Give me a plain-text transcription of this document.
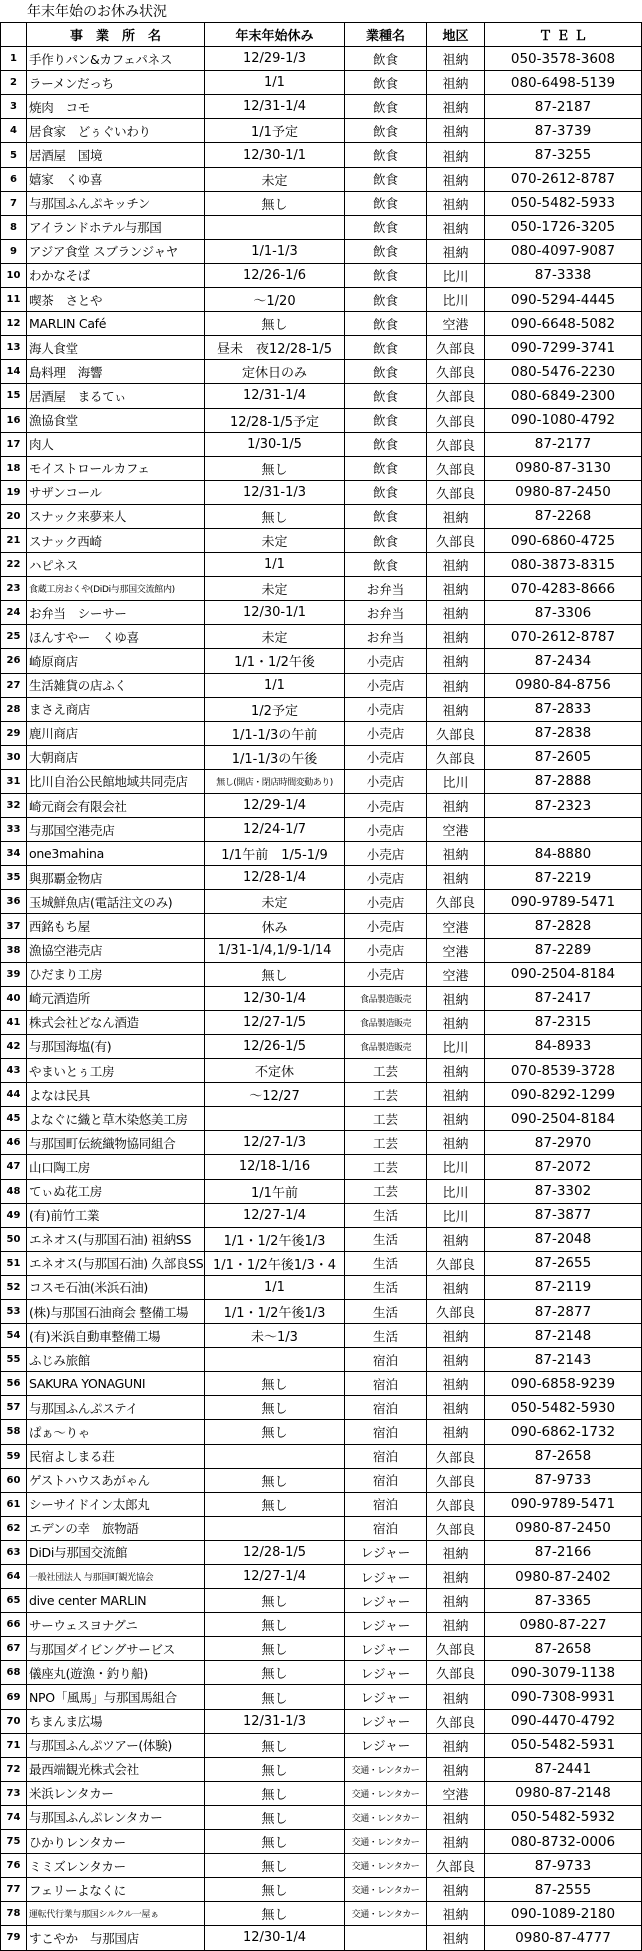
年末年始のお休み状況
	事　業　所　名	年末年始休み	業種名	地区	Ｔ Ｅ Ｌ
1	手作りパン&カフェパネス	12/29-1/3	飲食	祖納	050-3578-3608
2	ラーメンだっち	1/1	飲食	祖納	080-6498-5139
3	焼肉　コモ	12/31-1/4	飲食	祖納	87-2187
4	居食家　どぅぐいわり	1/1予定	飲食	祖納	87-3739
5	居酒屋　国境	12/30-1/1	飲食	祖納	87-3255
6	嬉家　くゆ喜	未定	飲食	祖納	070-2612-8787
7	与那国ふんぷキッチン	無し	飲食	祖納	050-5482-5933
8	アイランドホテル与那国		飲食	祖納	050-1726-3205
9	アジア食堂 スブランジャヤ	1/1-1/3	飲食	祖納	080-4097-9087
10	わかなそば	12/26-1/6	飲食	比川	87-3338
11	喫茶　さとや	～1/20	飲食	比川	090-5294-4445
12	MARLIN Café	無し	飲食	空港	090-6648-5082
13	海人食堂	昼未　夜12/28-1/5	飲食	久部良	090-7299-3741
14	島料理　海響	定休日のみ	飲食	久部良	080-5476-2230
15	居酒屋　まるてぃ	12/31-1/4	飲食	久部良	080-6849-2300
16	漁協食堂	12/28-1/5予定	飲食	久部良	090-1080-4792
17	肉人	1/30-1/5	飲食	久部良	87-2177
18	モイストロールカフェ	無し	飲食	久部良	0980-87-3130
19	サザンコール	12/31-1/3	飲食	久部良	0980-87-2450
20	スナック来夢来人	無し	飲食	祖納	87-2268
21	スナック西崎	未定	飲食	久部良	090-6860-4725
22	ハピネス	1/1	飲食	祖納	080-3873-8315
23	食蔵工房おくや(DiDi与那国交流館内)	未定	お弁当	祖納	070-4283-8666
24	お弁当　シーサー	12/30-1/1	お弁当	祖納	87-3306
25	ほんすやー　くゆ喜	未定	お弁当	祖納	070-2612-8787
26	崎原商店	1/1・1/2午後	小売店	祖納	87-2434
27	生活雑貨の店ふく	1/1	小売店	祖納	0980-84-8756
28	まさえ商店	1/2予定	小売店	祖納	87-2833
29	鹿川商店	1/1-1/3の午前	小売店	久部良	87-2838
30	大朝商店	1/1-1/3の午後	小売店	久部良	87-2605
31	比川自治公民館地域共同売店	無し(開店・閉店時間変動あり)	小売店	比川	87-2888
32	崎元商会有限会社	12/29-1/4	小売店	祖納	87-2323
33	与那国空港売店	12/24-1/7	小売店	空港	
34	one3mahina	1/1午前　1/5-1/9	小売店	祖納	84-8880
35	與那覇金物店	12/28-1/4	小売店	祖納	87-2219
36	玉城鮮魚店(電話注文のみ)	未定	小売店	久部良	090-9789-5471
37	西銘もち屋	休み	小売店	空港	87-2828
38	漁協空港売店	1/31-1/4,1/9-1/14	小売店	空港	87-2289
39	ひだまり工房	無し	小売店	空港	090-2504-8184
40	崎元酒造所	12/30-1/4	食品製造販売	祖納	87-2417
41	株式会社どなん酒造	12/27-1/5	食品製造販売	祖納	87-2315
42	与那国海塩(有)	12/26-1/5	食品製造販売	比川	84-8933
43	やまいとぅ工房	不定休	工芸	祖納	070-8539-3728
44	よなは民具	～12/27	工芸	祖納	090-8292-1299
45	よなぐに織と草木染悠美工房		工芸	祖納	090-2504-8184
46	与那国町伝統織物協同組合	12/27-1/3	工芸	祖納	87-2970
47	山口陶工房	12/18-1/16	工芸	比川	87-2072
48	てぃぬ花工房	1/1午前	工芸	比川	87-3302
49	(有)前竹工業	12/27-1/4	生活	比川	87-3877
50	エネオス(与那国石油) 祖納SS	1/1・1/2午後1/3	生活	祖納	87-2048
51	エネオス(与那国石油) 久部良SS	1/1・1/2午後1/3・4	生活	久部良	87-2655
52	コスモ石油(米浜石油)	1/1	生活	祖納	87-2119
53	(株)与那国石油商会 整備工場	1/1・1/2午後1/3	生活	久部良	87-2877
54	(有)米浜自動車整備工場	未～1/3	生活	祖納	87-2148
55	ふじみ旅館		宿泊	祖納	87-2143
56	SAKURA YONAGUNI	無し	宿泊	祖納	090-6858-9239
57	与那国ふんぷステイ	無し	宿泊	祖納	050-5482-5930
58	ぱぁ～りゃ	無し	宿泊	祖納	090-6862-1732
59	民宿よしまる荘		宿泊	久部良	87-2658
60	ゲストハウスあがゃん	無し	宿泊	久部良	87-9733
61	シーサイドイン太郎丸	無し	宿泊	久部良	090-9789-5471
62	エデンの幸　旅物語		宿泊	久部良	0980-87-2450
63	DiDi与那国交流館	12/28-1/5	レジャー	祖納	87-2166
64	一般社団法人 与那国町観光協会	12/27-1/4	レジャー	祖納	0980-87-2402
65	dive center MARLIN	無し	レジャー	祖納	87-3365
66	サーウェスヨナグニ	無し	レジャー	祖納	0980-87-227
67	与那国ダイビングサービス	無し	レジャー	久部良	87-2658
68	儀座丸(遊漁・釣り船)	無し	レジャー	久部良	090-3079-1138
69	NPO「風馬」与那国馬組合	無し	レジャー	祖納	090-7308-9931
70	ちまんま広場	12/31-1/3	レジャー	久部良	090-4470-4792
71	与那国ふんぷツアー(体験)	無し	レジャー	祖納	050-5482-5931
72	最西端観光株式会社	無し	交通・レンタカー	祖納	87-2441
73	米浜レンタカー	無し	交通・レンタカー	空港	0980-87-2148
74	与那国ふんぷレンタカー	無し	交通・レンタカー	祖納	050-5482-5932
75	ひかりレンタカー	無し	交通・レンタカー	祖納	080-8732-0006
76	ミミズレンタカー	無し	交通・レンタカー	久部良	87-9733
77	フェリーよなくに	無し	交通・レンタカー	祖納	87-2555
78	運転代行業与那国シルクル一屋ぁ	無し	交通・レンタカー	祖納	090-1089-2180
79	すこやか　与那国店	12/30-1/4		祖納	0980-87-4777
